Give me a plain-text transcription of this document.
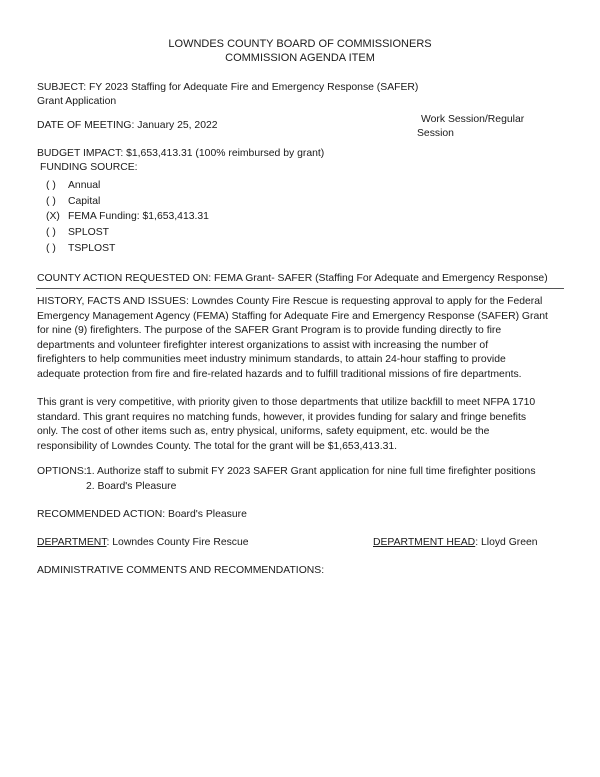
LOWNDES COUNTY BOARD OF COMMISSIONERS
COMMISSION AGENDA ITEM
SUBJECT: FY 2023 Staffing for Adequate Fire and Emergency Response (SAFER)
Grant Application
DATE OF MEETING: January 25, 2022
Work Session/Regular
Session
BUDGET IMPACT: $1,653,413.31 (100% reimbursed by grant)
FUNDING SOURCE:
( ) Annual
( ) Capital
(X) FEMA Funding: $1,653,413.31
( ) SPLOST
( ) TSPLOST
COUNTY ACTION REQUESTED ON: FEMA Grant- SAFER (Staffing For Adequate and Emergency Response)
HISTORY, FACTS AND ISSUES: Lowndes County Fire Rescue is requesting approval to apply for the Federal
Emergency Management Agency (FEMA) Staffing for Adequate Fire and Emergency Response (SAFER) Grant
for nine (9) firefighters. The purpose of the SAFER Grant Program is to provide funding directly to fire
departments and volunteer firefighter interest organizations to assist with increasing the number of
firefighters to help communities meet industry minimum standards, to attain 24-hour staffing to provide
adequate protection from fire and fire-related hazards and to fulfill traditional missions of fire departments.
This grant is very competitive, with priority given to those departments that utilize backfill to meet NFPA 1710
standard. This grant requires no matching funds, however, it provides funding for salary and fringe benefits
only. The cost of other items such as, entry physical, uniforms, safety equipment, etc. would be the
responsibility of Lowndes County. The total for the grant will be $1,653,413.31.
OPTIONS: 1. Authorize staff to submit FY 2023 SAFER Grant application for nine full time firefighter positions
2. Board's Pleasure
RECOMMENDED ACTION: Board's Pleasure
DEPARTMENT: Lowndes County Fire Rescue	DEPARTMENT HEAD: Lloyd Green
ADMINISTRATIVE COMMENTS AND RECOMMENDATIONS:
